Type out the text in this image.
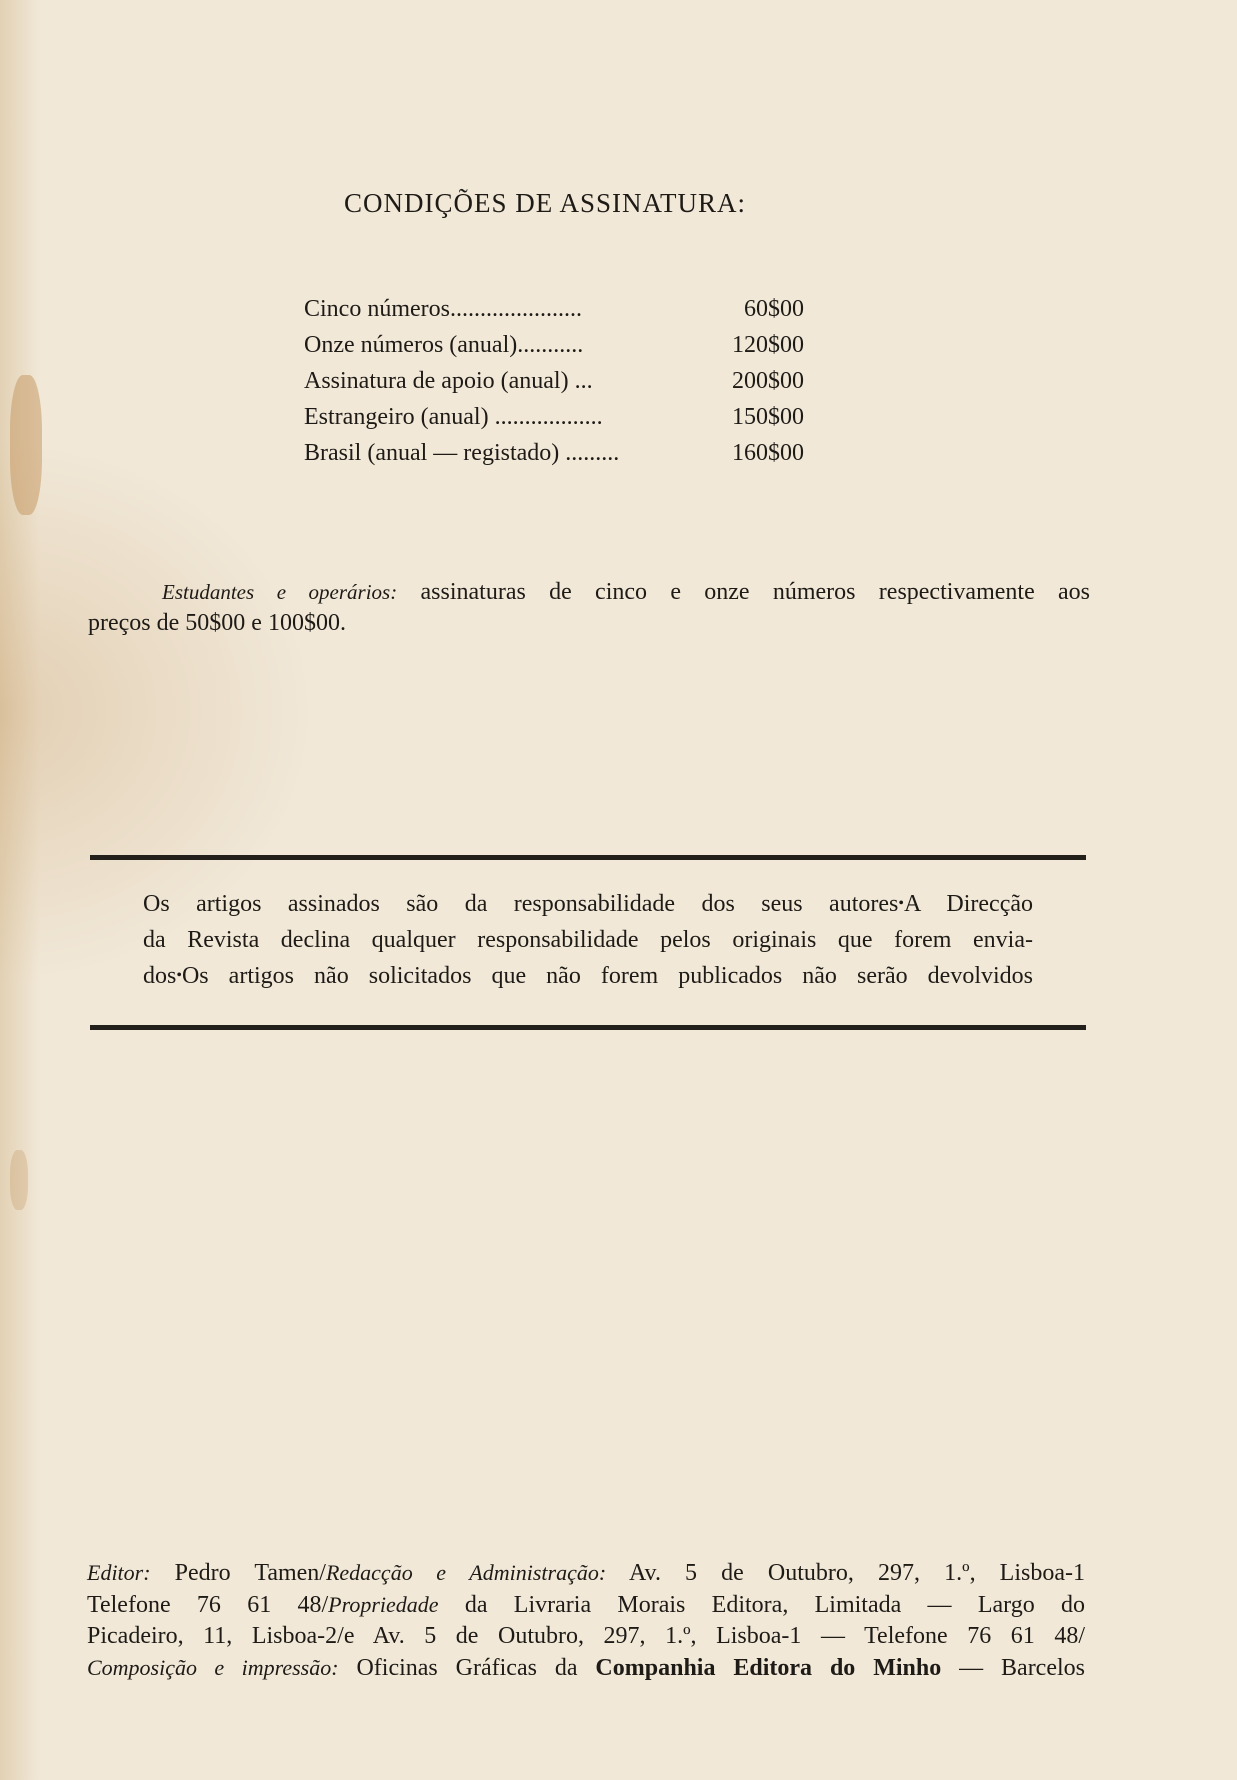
CONDIÇÕES DE ASSINATURA:
Cinco números......................	60$00
Onze números (anual)...........	120$00
Assinatura de apoio (anual) ...	200$00
Estrangeiro (anual) ..................	150$00
Brasil (anual — registado) .........	160$00
Estudantes e operários: assinaturas de cinco e onze números respectivamente aos
preços de 50$00 e 100$00.
Os artigos assinados são da responsabilidade dos seus autores•A Direcção
da Revista declina qualquer responsabilidade pelos originais que forem envia-
dos•Os artigos não solicitados que não forem publicados não serão devolvidos
Editor: Pedro Tamen/Redacção e Administração: Av. 5 de Outubro, 297, 1.º, Lisboa-1
Telefone 76 61 48/Propriedade da Livraria Morais Editora, Limitada — Largo do
Picadeiro, 11, Lisboa-2/e Av. 5 de Outubro, 297, 1.º, Lisboa-1 — Telefone 76 61 48/
Composição e impressão: Oficinas Gráficas da Companhia Editora do Minho — Barcelos
